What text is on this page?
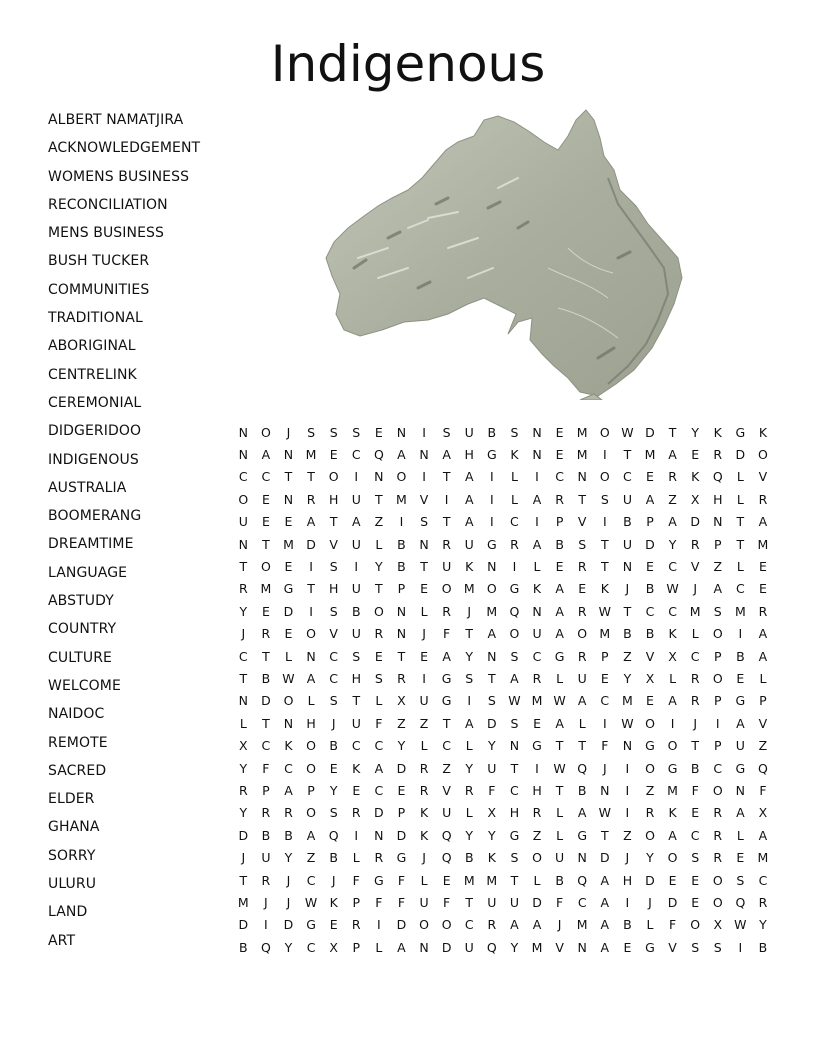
Indigenous
ALBERT NAMATJIRA
ACKNOWLEDGEMENT
WOMENS BUSINESS
RECONCILIATION
MENS BUSINESS
BUSH TUCKER
COMMUNITIES
TRADITIONAL
ABORIGINAL
CENTRELINK
CEREMONIAL
DIDGERIDOO
INDIGENOUS
AUSTRALIA
BOOMERANG
DREAMTIME
LANGUAGE
ABSTUDY
COUNTRY
CULTURE
WELCOME
NAIDOC
REMOTE
SACRED
ELDER
GHANA
SORRY
ULURU
LAND
ART
N	O	J	S	S	S	E	N	I	S	U	B	S	N	E	M	O	W	D	T	Y	K	G	K
N	A	N	M	E	C	Q	A	N	A	H	G	K	N	E	M	I	T	M	A	E	R	D	O
C	C	T	T	O	I	N	O	I	T	A	I	L	I	C	N	O	C	E	R	K	Q	L	V
O	E	N	R	H	U	T	M	V	I	A	I	L	A	R	T	S	U	A	Z	X	H	L	R
U	E	E	A	T	A	Z	I	S	T	A	I	C	I	P	V	I	B	P	A	D	N	T	A
N	T	M	D	V	U	L	B	N	R	U	G	R	A	B	S	T	U	D	Y	R	P	T	M
T	O	E	I	S	I	Y	B	T	U	K	N	I	L	E	R	T	N	E	C	V	Z	L	E
R	M	G	T	H	U	T	P	E	O	M	O	G	K	A	E	K	J	B	W	J	A	C	E
Y	E	D	I	S	B	O	N	L	R	J	M	Q	N	A	R	W	T	C	C	M	S	M	R
J	R	E	O	V	U	R	N	J	F	T	A	O	U	A	O	M	B	B	K	L	O	I	A
C	T	L	N	C	S	E	T	E	A	Y	N	S	C	G	R	P	Z	V	X	C	P	B	A
T	B	W	A	C	H	S	R	I	G	S	T	A	R	L	U	E	Y	X	L	R	O	E	L
N	D	O	L	S	T	L	X	U	G	I	S	W	M	W	A	C	M	E	A	R	P	G	P
L	T	N	H	J	U	F	Z	Z	T	A	D	S	E	A	L	I	W	O	I	J	I	A	V
X	C	K	O	B	C	C	Y	L	C	L	Y	N	G	T	T	F	N	G	O	T	P	U	Z
Y	F	C	O	E	K	A	D	R	Z	Y	U	T	I	W	Q	J	I	O	G	B	C	G	Q
R	P	A	P	Y	E	C	E	R	V	R	F	C	H	T	B	N	I	Z	M	F	O	N	F
Y	R	R	O	S	R	D	P	K	U	L	X	H	R	L	A	W	I	R	K	E	R	A	X
D	B	B	A	Q	I	N	D	K	Q	Y	Y	G	Z	L	G	T	Z	O	A	C	R	L	A
J	U	Y	Z	B	L	R	G	J	Q	B	K	S	O	U	N	D	J	Y	O	S	R	E	M
T	R	J	C	J	F	G	F	L	E	M	M	T	L	B	Q	A	H	D	E	E	O	S	C
M	J	J	W	K	P	F	F	U	F	T	U	U	D	F	C	A	I	J	D	E	O	Q	R
D	I	D	G	E	R	I	D	O	O	C	R	A	A	J	M	A	B	L	F	O	X	W	Y
B	Q	Y	C	X	P	L	A	N	D	U	Q	Y	M	V	N	A	E	G	V	S	S	I	B
